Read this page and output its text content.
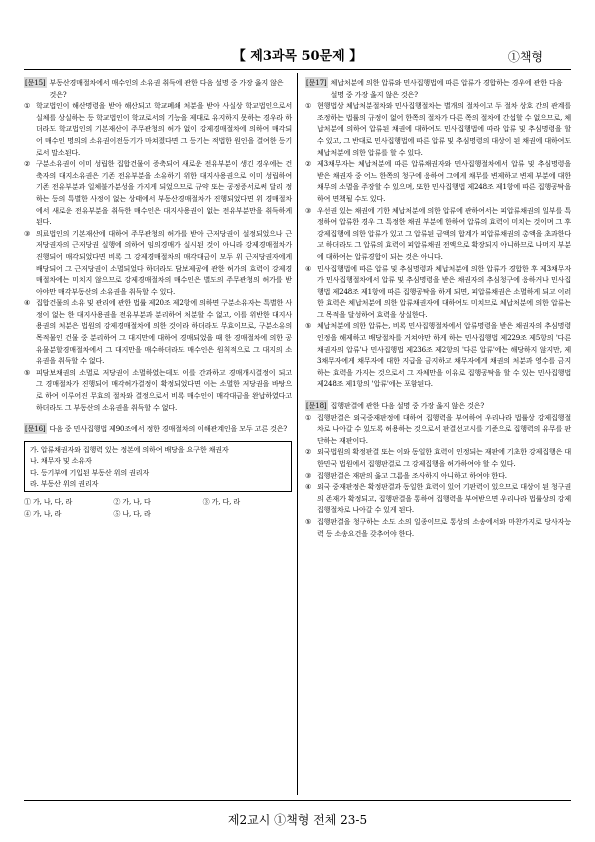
【 제3과목 50문제 】	①책형
[문15] 부동산경매절차에서 매수인의 소유권 취득에 관한 다음 설명 중 가장 옳지 않은 것은?
① 학교법인이 해산명령을 받아 해산되고 학교폐쇄 처분을 받아 사실상 학교법인으로서 실체를 상실하는 등 학교법인이 학교로서의 기능을 제대로 유지하지 못하는 경우라 하더라도 학교법인의 기본재산이 주무관청의 허가 없이 강제경매절차에 의하여 매각되어 매수인 명의의 소유권이전등기가 마쳐졌다면 그 등기는 적법한 원인을 결여한 등기로서 말소된다.
② 구분소유권이 이미 성립한 집합건물이 증축되어 새로운 전유부분이 생긴 경우에는 건축자의 대지소유권은 기존 전유부분을 소유하기 위한 대지사용권으로 이미 성립하여 기존 전유부분과 일체불가분성을 가지게 되었으므로 규약 또는 공정증서로써 달리 정하는 등의 특별한 사정이 없는 상태에서 부동산경매절차가 진행되었다면 위 경매절차에서 새로운 전유부분을 취득한 매수인은 대지사용권이 없는 전유부분만을 취득하게 된다.
③ 의료법인의 기본재산에 대하여 주무관청의 허가를 받아 근저당권이 설정되었으나 근저당권자의 근저당권 실행에 의하여 임의경매가 실시된 것이 아니라 강제경매절차가 진행되어 매각되었다면 비록 그 강제경매절차의 매각대금이 모두 위 근저당권자에게 배당되어 그 근저당권이 소멸되었다 하더라도 담보제공에 관한 허가의 효력이 강제경매절차에는 미치지 않으므로 강제경매절차의 매수인은 별도의 주무관청의 허가를 받아야만 매각부동산의 소유권을 취득할 수 있다.
④ 집합건물의 소유 및 관리에 관한 법률 제20조 제2항에 의하면 구분소유자는 특별한 사정이 없는 한 대지사용권을 전유부분과 분리하여 처분할 수 없고, 이를 위반한 대지사용권의 처분은 법원의 강제경매절차에 의한 것이라 하더라도 무효이므로, 구분소유의 목적물인 건물 중 분리하여 그 대지만에 대하여 경매되었을 때 한 경매절차에 의한 공유물분할경매절차에서 그 대지만을 매수하더라도 매수인은 원칙적으로 그 대지의 소유권을 취득할 수 없다.
⑤ 피담보채권의 소멸로 저당권이 소멸하였는데도 이를 간과하고 경매개시결정이 되고 그 경매절차가 진행되어 매각허가결정이 확정되었다면 이는 소멸한 저당권을 바탕으로 하여 이루어진 무효의 절차와 결정으로서 비록 매수인이 매각대금을 완납하였다고 하더라도 그 부동산의 소유권을 취득할 수 없다.
[문16] 다음 중 민사집행법 제90조에서 정한 경매절차의 이해관계인을 모두 고른 것은?
가. 압류채권자와 집행력 있는 정본에 의하여 배당을 요구한 채권자
나. 채무자 및 소유자
다. 등기부에 기입된 부동산 위의 권리자
라. 부동산 위의 권리자
① 가, 나, 다, 라	② 가, 나, 다	③ 가, 다, 라
④ 가, 나, 라	⑤ 나, 다, 라
[문17] 체납처분에 의한 압류와 민사집행법에 따른 압류가 경합하는 경우에 관한 다음 설명 중 가장 옳지 않은 것은?
① 현행법상 체납처분절차와 민사집행절차는 별개의 절차이고 두 절차 상호 간의 관계를 조정하는 법률의 규정이 없어 한쪽의 절차가 다른 쪽의 절차에 간섭할 수 없으므로, 체납처분에 의하여 압류된 채권에 대하여도 민사집행법에 따라 압류 및 추심명령을 할 수 있고, 그 반대로 민사집행법에 따른 압류 및 추심명령의 대상이 된 채권에 대하여도 체납처분에 의한 압류를 할 수 있다.
② 제3채무자는 체납처분에 따른 압류채권자와 민사집행절차에서 압류 및 추심명령을 받은 채권자 중 어느 한쪽의 청구에 응하여 그에게 채무를 변제하고 변제 부분에 대한 채무의 소멸을 주장할 수 있으며, 또한 민사집행법 제248조 제1항에 따른 집행공탁을 하여 면책될 수도 있다.
③ 우선권 있는 채권에 기한 체납처분에 의한 압류에 관하여서는 피압류채권의 일부를 특정하여 압류한 경우 그 특정한 채권 부분에 한하여 압류의 효력이 미치는 것이며 그 후 강제집행에 의한 압류가 있고 그 압류된 금액의 합계가 피압류채권의 총액을 초과한다고 하더라도 그 압류의 효력이 피압류채권 전액으로 확장되지 아니하므로 나머지 부분에 대하여는 압류경합이 되는 것은 아니다.
④ 민사집행법에 따른 압류 및 추심명령과 체납처분에 의한 압류가 경합한 후 제3채무자가 민사집행절차에서 압류 및 추심명령을 받은 채권자의 추심청구에 응하거나 민사집행법 제248조 제1항에 따른 집행공탁을 하게 되면, 피압류채권은 소멸하게 되고 이러한 효력은 체납처분에 의한 압류채권자에 대하여도 미치므로 체납처분에 의한 압류는 그 목적을 달성하여 효력을 상실한다.
⑤ 체납처분에 의한 압류는, 비록 민사집행절차에서 압류명령을 받은 채권자의 추심명령 인정을 해제하고 배당절차를 거쳐야만 하게 하는 민사집행법 제229조 제5항의 '다른 채권자의 압류'나 민사집행법 제236조 제2항의 '다른 압류'에는 해당하지 않지만, 제3채무자에게 채무자에 대한 지급을 금지하고 채무자에게 채권의 처분과 영수를 금지하는 효력을 가지는 것으로서 그 자체만을 이유로 집행공탁을 할 수 있는 민사집행법 제248조 제1항의 '압류'에는 포함된다.
[문18] 집행판결에 관한 다음 설명 중 가장 옳지 않은 것은?
① 집행판결은 외국중재판정에 대하여 집행력을 부여하여 우리나라 법률상 강제집행절차로 나아갈 수 있도록 허용하는 것으로서 판결선고시를 기준으로 집행력의 유무를 판단하는 재판이다.
② 외국법원의 확정판결 또는 이와 동일한 효력이 인정되는 재판에 기초한 강제집행은 대한민국 법원에서 집행판결로 그 강제집행을 허가하여야 할 수 있다.
③ 집행판결은 재판의 옳고 그름을 조사하지 아니하고 하여야 한다.
④ 외국 중재판정은 확정판결과 동일한 효력이 있어 기판력이 있으므로 대상이 된 청구권의 존재가 확정되고, 집행판결을 통하여 집행력을 부여받으면 우리나라 법률상의 강제집행절차로 나아갈 수 있게 된다.
⑤ 집행판결을 청구하는 소도 소의 일종이므로 통상의 소송에서와 마찬가지로 당사자능력 등 소송요건을 갖추어야 한다.
제2교시 ①책형 전체 23-5
